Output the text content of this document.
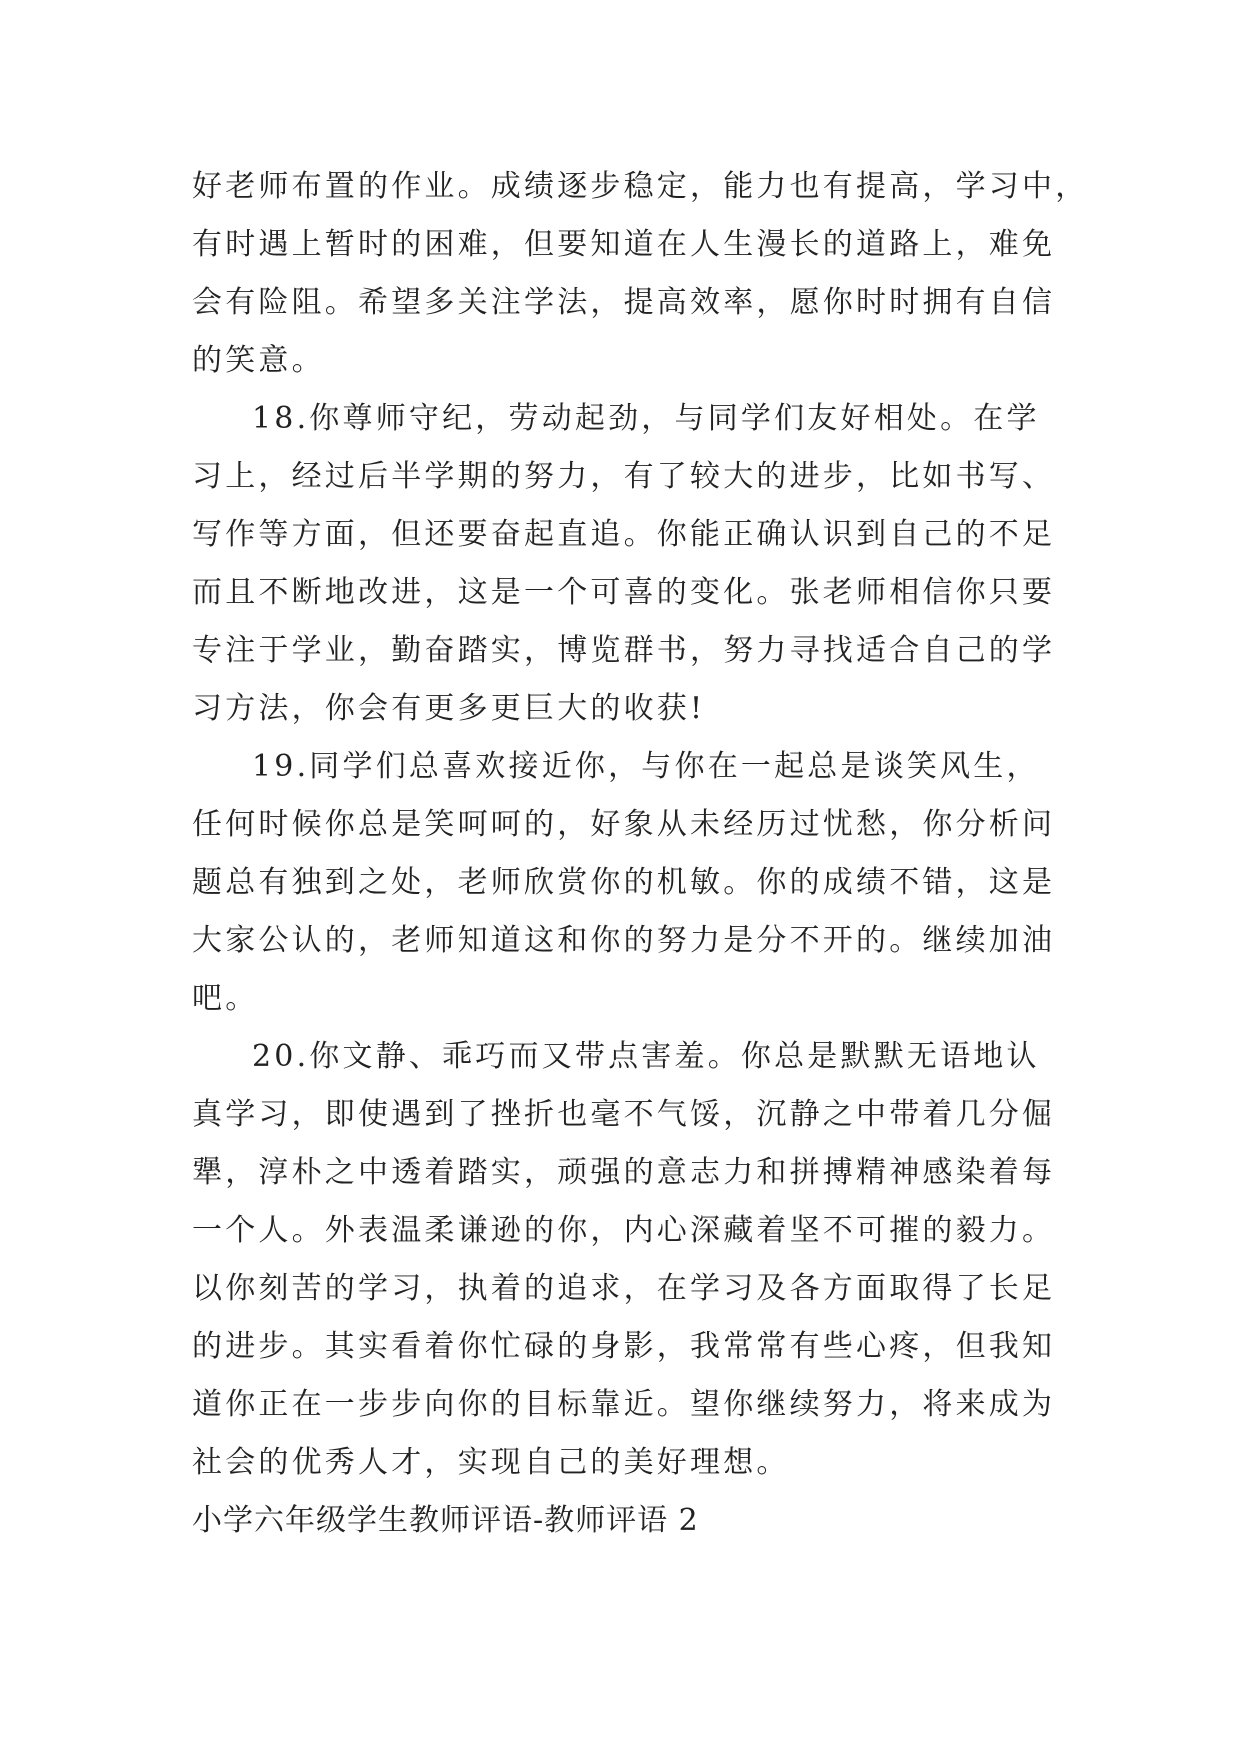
好老师布置的作业。成绩逐步稳定，能力也有提高，学习中，
有时遇上暂时的困难，但要知道在人生漫长的道路上，难免
会有险阻。希望多关注学法，提高效率，愿你时时拥有自信
的笑意。
18.你尊师守纪，劳动起劲，与同学们友好相处。在学
习上，经过后半学期的努力，有了较大的进步，比如书写、
写作等方面，但还要奋起直追。你能正确认识到自己的不足
而且不断地改进，这是一个可喜的变化。张老师相信你只要
专注于学业，勤奋踏实，博览群书，努力寻找适合自己的学
习方法，你会有更多更巨大的收获!
19.同学们总喜欢接近你，与你在一起总是谈笑风生，
任何时候你总是笑呵呵的，好象从未经历过忧愁，你分析问
题总有独到之处，老师欣赏你的机敏。你的成绩不错，这是
大家公认的，老师知道这和你的努力是分不开的。继续加油
吧。
20.你文静、乖巧而又带点害羞。你总是默默无语地认
真学习，即使遇到了挫折也毫不气馁，沉静之中带着几分倔
犟，淳朴之中透着踏实，顽强的意志力和拼搏精神感染着每
一个人。外表温柔谦逊的你，内心深藏着坚不可摧的毅力。
以你刻苦的学习，执着的追求，在学习及各方面取得了长足
的进步。其实看着你忙碌的身影，我常常有些心疼，但我知
道你正在一步步向你的目标靠近。望你继续努力，将来成为
社会的优秀人才，实现自己的美好理想。
小学六年级学生教师评语-教师评语 2
